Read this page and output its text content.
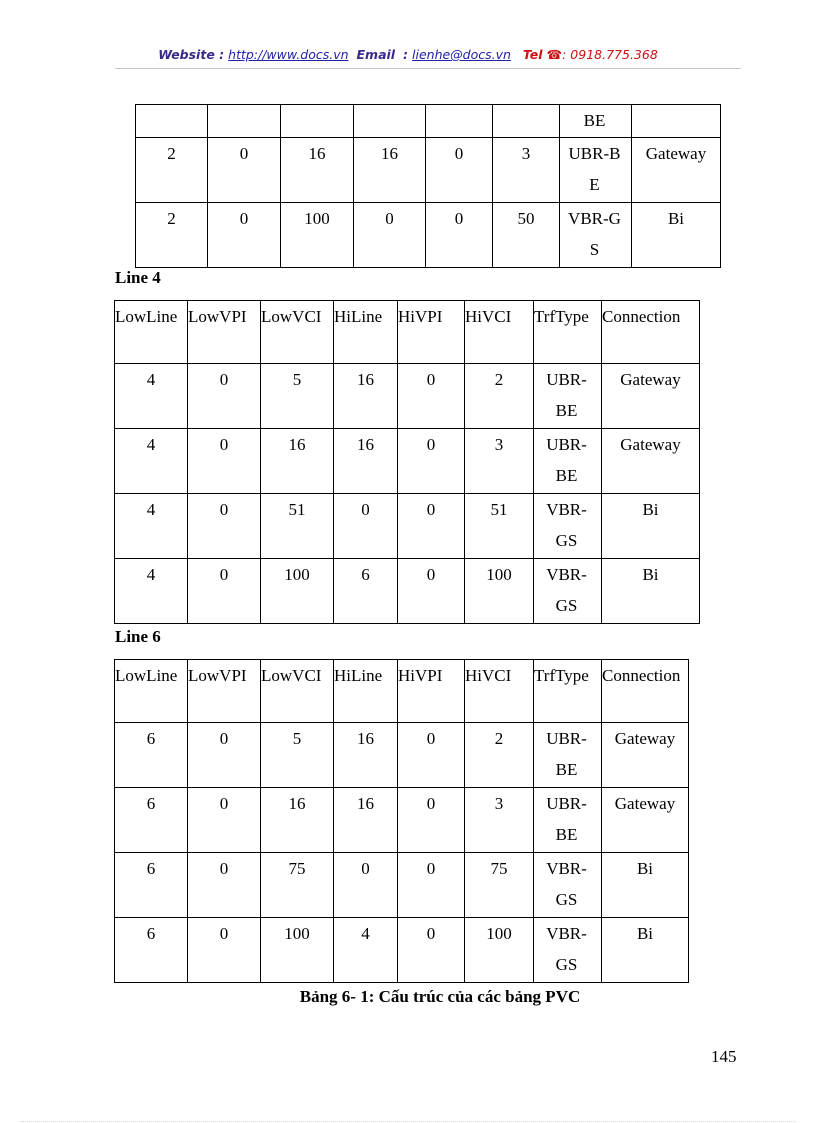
Website : http://www.docs.vn Email : lienhe@docs.vn Tel ☎: 0918.775.368
						BE	
2	0	16	16	0	3	UBR-BE	Gateway
2	0	100	0	0	50	VBR-GS	Bi
Line 4
LowLine	LowVPI	LowVCI	HiLine	HiVPI	HiVCI	TrfType	Connection
4	0	5	16	0	2	UBR-BE	Gateway
4	0	16	16	0	3	UBR-BE	Gateway
4	0	51	0	0	51	VBR-GS	Bi
4	0	100	6	0	100	VBR-GS	Bi
Line 6
LowLine	LowVPI	LowVCI	HiLine	HiVPI	HiVCI	TrfType	Connection
6	0	5	16	0	2	UBR-BE	Gateway
6	0	16	16	0	3	UBR-BE	Gateway
6	0	75	0	0	75	VBR-GS	Bi
6	0	100	4	0	100	VBR-GS	Bi
Bảng 6- 1: Cấu trúc của các bảng PVC
145
